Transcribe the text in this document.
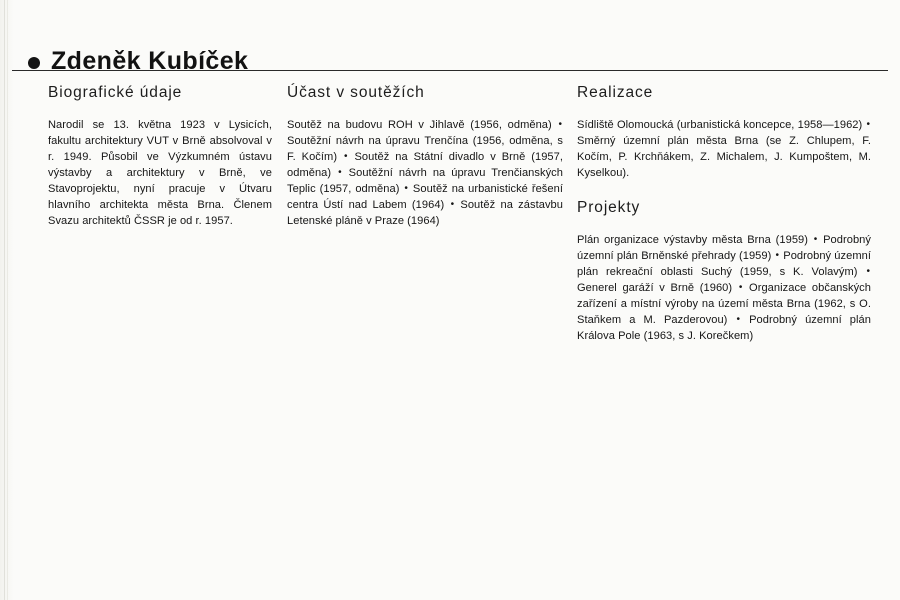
Zdeněk Kubíček
Biografické údaje

Narodil se 13. května 1923 v Lysicích, fakultu architektury VUT v Brně absolvoval v r. 1949. Působil ve Výzkumném ústavu výstavby a architektury v Brně, ve Stavoprojektu, nyní pracuje v Útvaru hlavního architekta města Brna. Členem Svazu architektů ČSSR je od r. 1957.

Účast v soutěžích

Soutěž na budovu ROH v Jihlavě (1956, odměna) • Soutěžní návrh na úpravu Trenčína (1956, odměna, s F. Kočím) • Soutěž na Státní divadlo v Brně (1957, odměna) • Soutěžní návrh na úpravu Trenčianských Teplic (1957, odměna) • Soutěž na urbanistické řešení centra Ústí nad Labem (1964) • Soutěž na zástavbu Letenské pláně v Praze (1964)

Realizace

Sídliště Olomoucká (urbanistická koncepce, 1958—1962) • Směrný územní plán města Brna (se Z. Chlupem, F. Kočím, P. Krchňákem, Z. Michalem, J. Kumpoštem, M. Kyselkou).

Projekty

Plán organizace výstavby města Brna (1959) • Podrobný územní plán Brněnské přehrady (1959) • Podrobný územní plán rekreační oblasti Suchý (1959, s K. Volavým) • Generel garáží v Brně (1960) • Organizace občanských zařízení a místní výroby na území města Brna (1962, s O. Staňkem a M. Pazderovou) • Podrobný územní plán Králova Pole (1963, s J. Korečkem)
